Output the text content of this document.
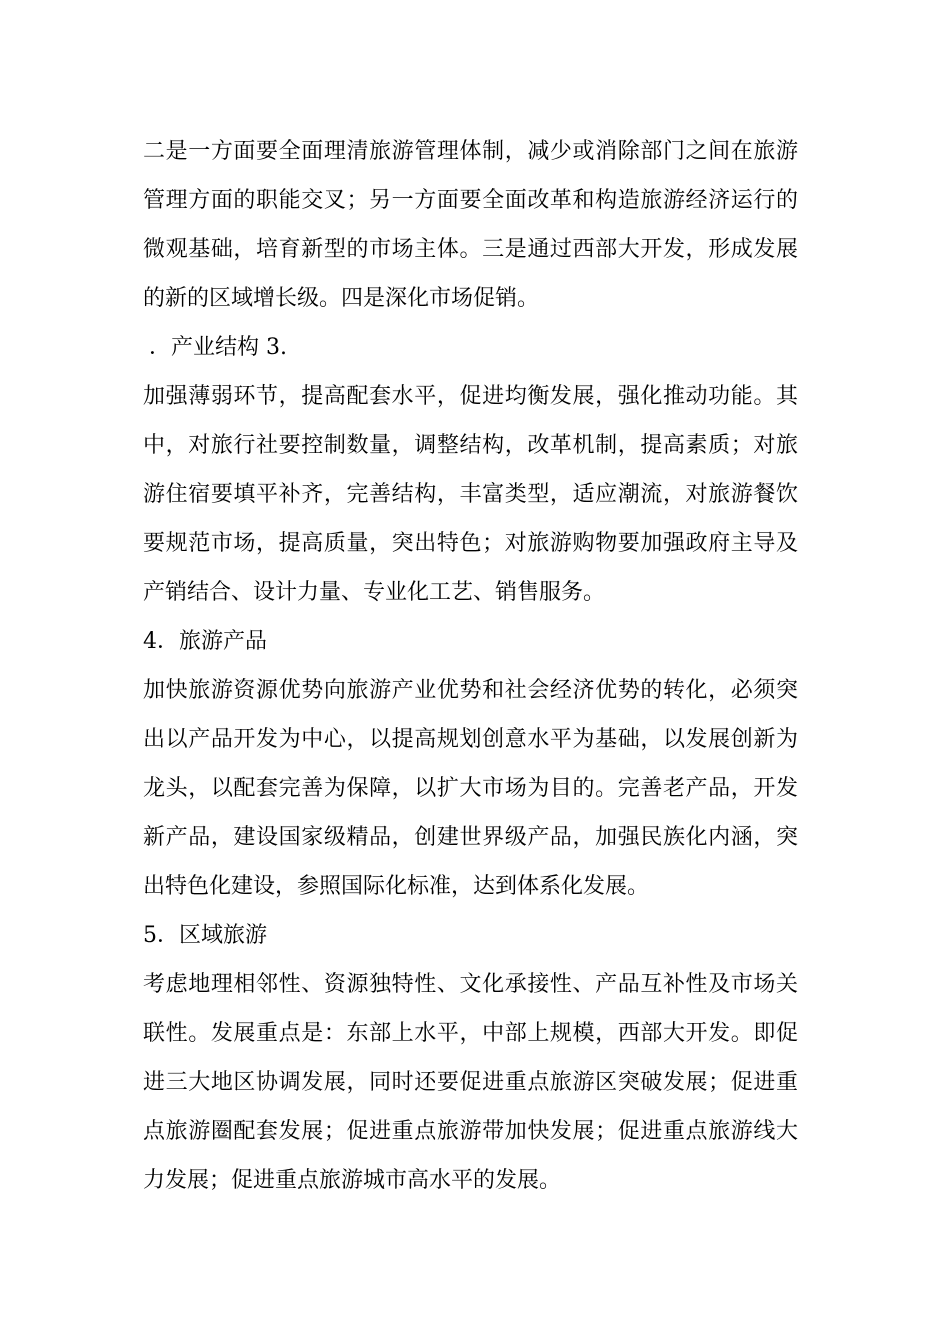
二是一方面要全面理清旅游管理体制，减少或消除部门之间在旅游管理方面的职能交叉；另一方面要全面改革和构造旅游经济运行的微观基础，培育新型的市场主体。三是通过西部大开发，形成发展的新的区域增长级。四是深化市场促销。

．产业结构 3.

加强薄弱环节，提高配套水平，促进均衡发展，强化推动功能。其中，对旅行社要控制数量，调整结构，改革机制，提高素质；对旅游住宿要填平补齐，完善结构，丰富类型，适应潮流，对旅游餐饮要规范市场，提高质量，突出特色；对旅游购物要加强政府主导及产销结合、设计力量、专业化工艺、销售服务。

4．旅游产品

加快旅游资源优势向旅游产业优势和社会经济优势的转化，必须突出以产品开发为中心，以提高规划创意水平为基础，以发展创新为龙头，以配套完善为保障，以扩大市场为目的。完善老产品，开发新产品，建设国家级精品，创建世界级产品，加强民族化内涵，突出特色化建设，参照国际化标准，达到体系化发展。

5．区域旅游

考虑地理相邻性、资源独特性、文化承接性、产品互补性及市场关联性。发展重点是：东部上水平，中部上规模，西部大开发。即促进三大地区协调发展，同时还要促进重点旅游区突破发展；促进重点旅游圈配套发展；促进重点旅游带加快发展；促进重点旅游线大力发展；促进重点旅游城市高水平的发展。
